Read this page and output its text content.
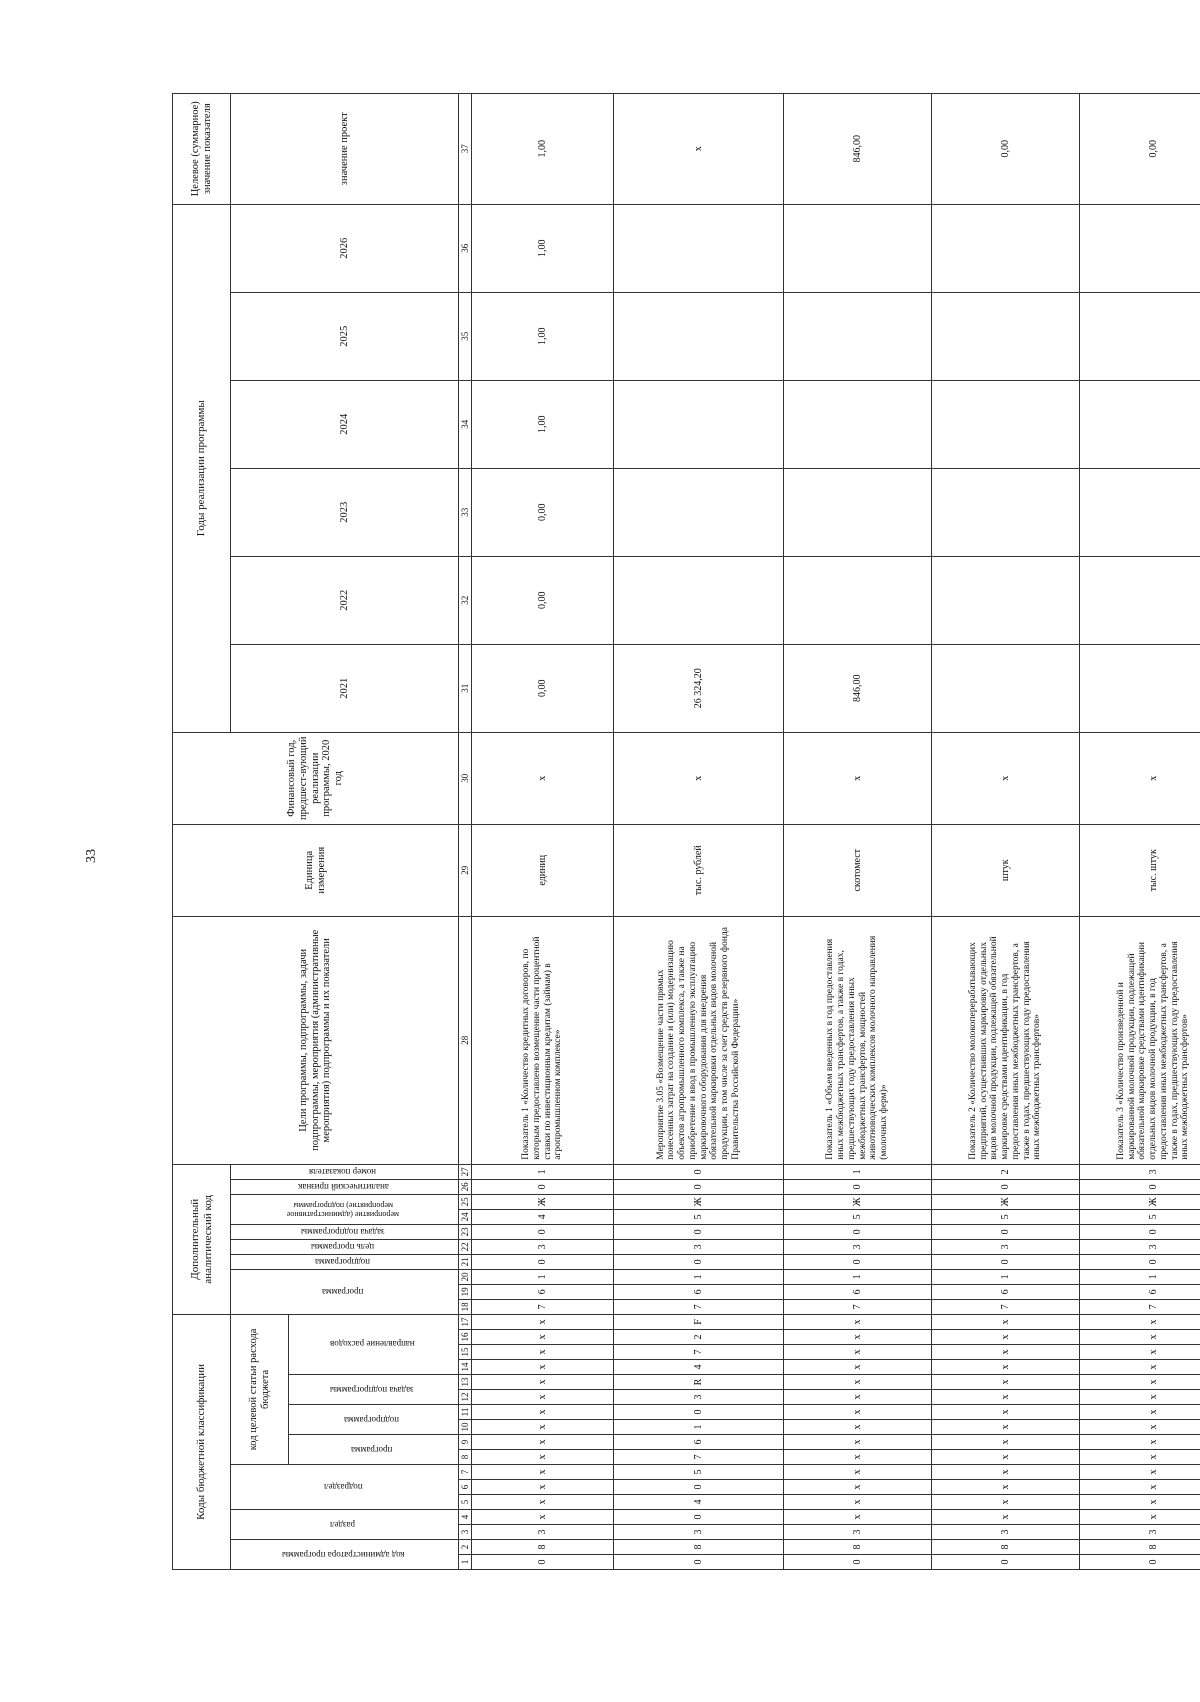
33
Коды бюджетной классификации																	Дополнительный аналитический код										Цели программы, подпрограммы, задачи подпрограммы, мероприятия (административные мероприятия) подпрограммы и их показатели	Единица измерения	Финансовый год, предшест-вующий реализации программы, 2020 год	Годы реализации программы						Целевое (суммарное) значение показателя
код администратора программы		раздел		подраздел			код целевой статьи расхода бюджета										программа			подпрограмма	цель программы	задача подпрограммы	мероприятие (административное мероприятие) подпрограммы		аналитический признак	номер показателя				2021	2022	2023	2024	2025	2026	значение проект
							программа		подпрограмма		задача подпрограммы		направление расходов																							
1	2	3	4	5	6	7	8	9	10	11	12	13	14	15	16	17	18	19	20	21	22	23	24	25	26	27	28	29	30	31	32	33	34	35	36	37
0	8	3	х	х	х	х	х	х	х	х	х	х	х	х	х	х	7	6	1	0	3	0	4	Ж	0	1	Показатель 1 «Количество кредитных договоров, по которым предоставлено возмещение части процентной ставки по инвестиционным кредитам (займам) в агропромышленном комплексе»	единиц	х	0,00	0,00	0,00	1,00	1,00	1,00	1,00
0	8	3	0	4	0	5	7	6	1	0	3	R	4	7	2	F	7	6	1	0	3	0	5	Ж	0	0	Мероприятие 3.05 «Возмещение части прямых понесенных затрат на создание и (или) модернизацию объектов агропромышленного комплекса, а также на приобретение и ввод в промышленную эксплуатацию маркировочного оборудования для внедрения обязательной маркировки отдельных видов молочной продукции, в том числе за счет средств резервного фонда Правительства Российской Федерации»	тыс. рублей	х	26 324,20						х
0	8	3	х	х	х	х	х	х	х	х	х	х	х	х	х	х	7	6	1	0	3	0	5	Ж	0	1	Показатель 1 «Объем введенных в год предоставления иных межбюджетных трансфертов, а также в годах, предшествующих году предоставления иных межбюджетных трансфертов, мощностей животноводческих комплексов молочного направления (молочных ферм)»	скотомест	х	846,00						846,00
0	8	3	х	х	х	х	х	х	х	х	х	х	х	х	х	х	7	6	1	0	3	0	5	Ж	0	2	Показатель 2 «Количество молокоперерабатывающих предприятий, осуществивших маркировку отдельных видов молочной продукции, подлежащей обязательной маркировке средствами идентификации, в год предоставления иных межбюджетных трансфертов, а также в годах, предшествующих году предоставления иных межбюджетных трансфертов»	штук	х							0,00
0	8	3	х	х	х	х	х	х	х	х	х	х	х	х	х	х	7	6	1	0	3	0	5	Ж	0	3	Показатель 3 «Количество произведенной и маркированной молочной продукции, подлежащей обязательной маркировке средствами идентификации отдельных видов молочной продукции, в год предоставления иных межбюджетных трансфертов, а также в годах, предшествующих году предоставления иных межбюджетных трансфертов»	тыс. штук	х							0,00
